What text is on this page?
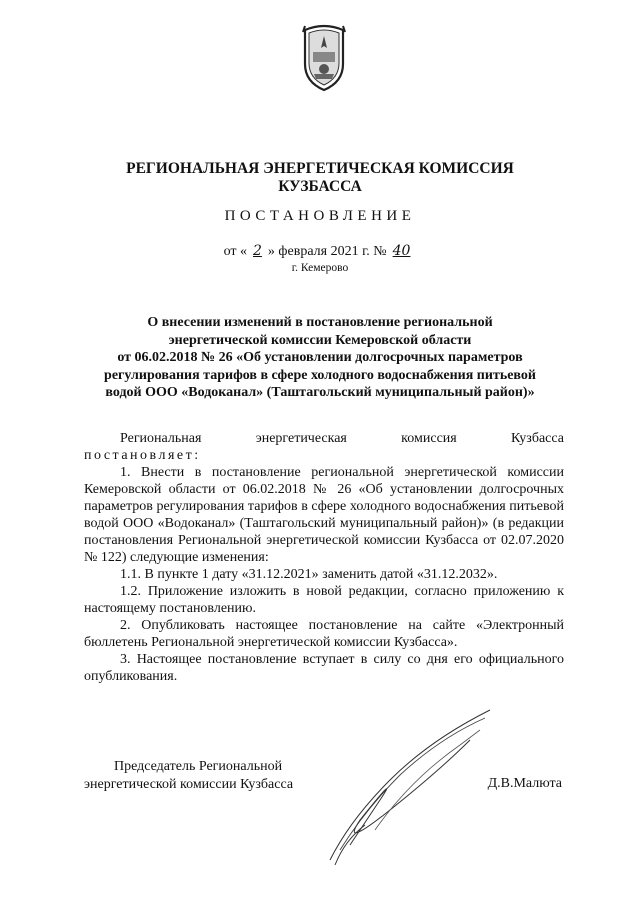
РЕГИОНАЛЬНАЯ ЭНЕРГЕТИЧЕСКАЯ КОМИССИЯ
КУЗБАССА
ПОСТАНОВЛЕНИЕ
от « 2 » февраля 2021 г. № 40
г. Кемерово
О внесении изменений в постановление региональной
энергетической комиссии Кемеровской области
от 06.02.2018 № 26 «Об установлении долгосрочных параметров
регулирования тарифов в сфере холодного водоснабжения питьевой
водой ООО «Водоканал» (Таштагольский муниципальный район)»
Региональная энергетическая комиссия Кузбасса
постановляет:
1. Внести в постановление региональной энергетической комиссии Кемеровской области от 06.02.2018 № 26 «Об установлении долгосрочных параметров регулирования тарифов в сфере холодного водоснабжения питьевой водой ООО «Водоканал» (Таштагольский муниципальный район)» (в редакции постановления Региональной энергетической комиссии Кузбасса от 02.07.2020 № 122) следующие изменения:
1.1. В пункте 1 дату «31.12.2021» заменить датой «31.12.2032».
1.2. Приложение изложить в новой редакции, согласно приложению к настоящему постановлению.
2. Опубликовать настоящее постановление на сайте «Электронный бюллетень Региональной энергетической комиссии Кузбасса».
3. Настоящее постановление вступает в силу со дня его официального опубликования.
Председатель Региональной
энергетической комиссии Кузбасса	Д.В.Малюта
